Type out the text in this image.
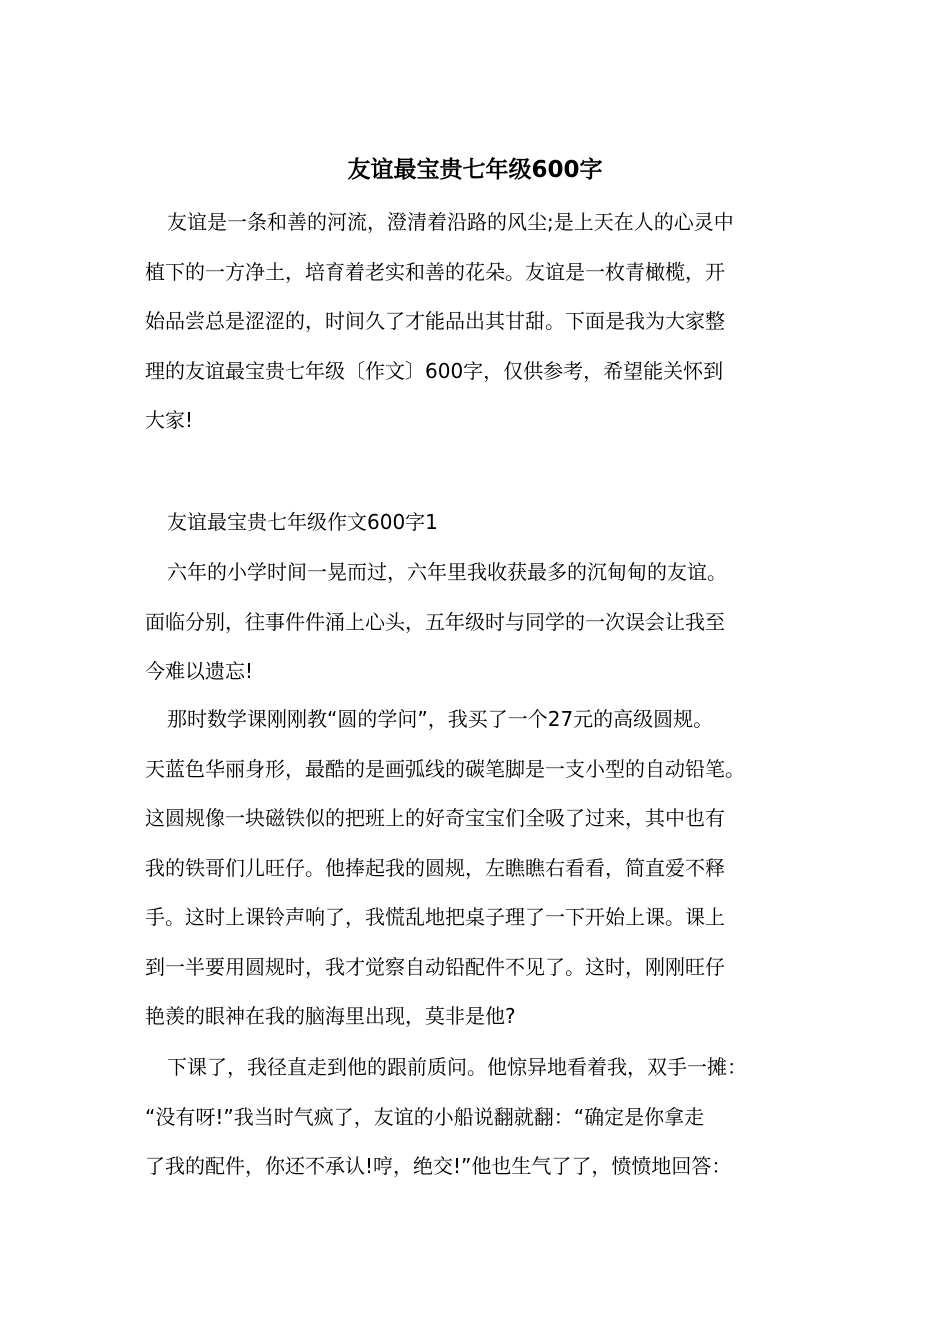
友谊最宝贵七年级600字
友谊是一条和善的河流，澄清着沿路的风尘;是上天在人的心灵中
植下的一方净土，培育着老实和善的花朵。友谊是一枚青橄榄，开
始品尝总是涩涩的，时间久了才能品出其甘甜。下面是我为大家整
理的友谊最宝贵七年级〔作文〕600字，仅供参考，希望能关怀到
大家!
友谊最宝贵七年级作文600字1
六年的小学时间一晃而过，六年里我收获最多的沉甸甸的友谊。
面临分别，往事件件涌上心头，五年级时与同学的一次误会让我至
今难以遗忘!
那时数学课刚刚教“圆的学问”，我买了一个27元的高级圆规。
天蓝色华丽身形，最酷的是画弧线的碳笔脚是一支小型的自动铅笔。
这圆规像一块磁铁似的把班上的好奇宝宝们全吸了过来，其中也有
我的铁哥们儿旺仔。他捧起我的圆规，左瞧瞧右看看，简直爱不释
手。这时上课铃声响了，我慌乱地把桌子理了一下开始上课。课上
到一半要用圆规时，我才觉察自动铅配件不见了。这时，刚刚旺仔
艳羡的眼神在我的脑海里出现，莫非是他?
下课了，我径直走到他的跟前质问。他惊异地看着我，双手一摊：
“没有呀!”我当时气疯了，友谊的小船说翻就翻：“确定是你拿走
了我的配件，你还不承认!哼，绝交!”他也生气了了，愤愤地回答：
